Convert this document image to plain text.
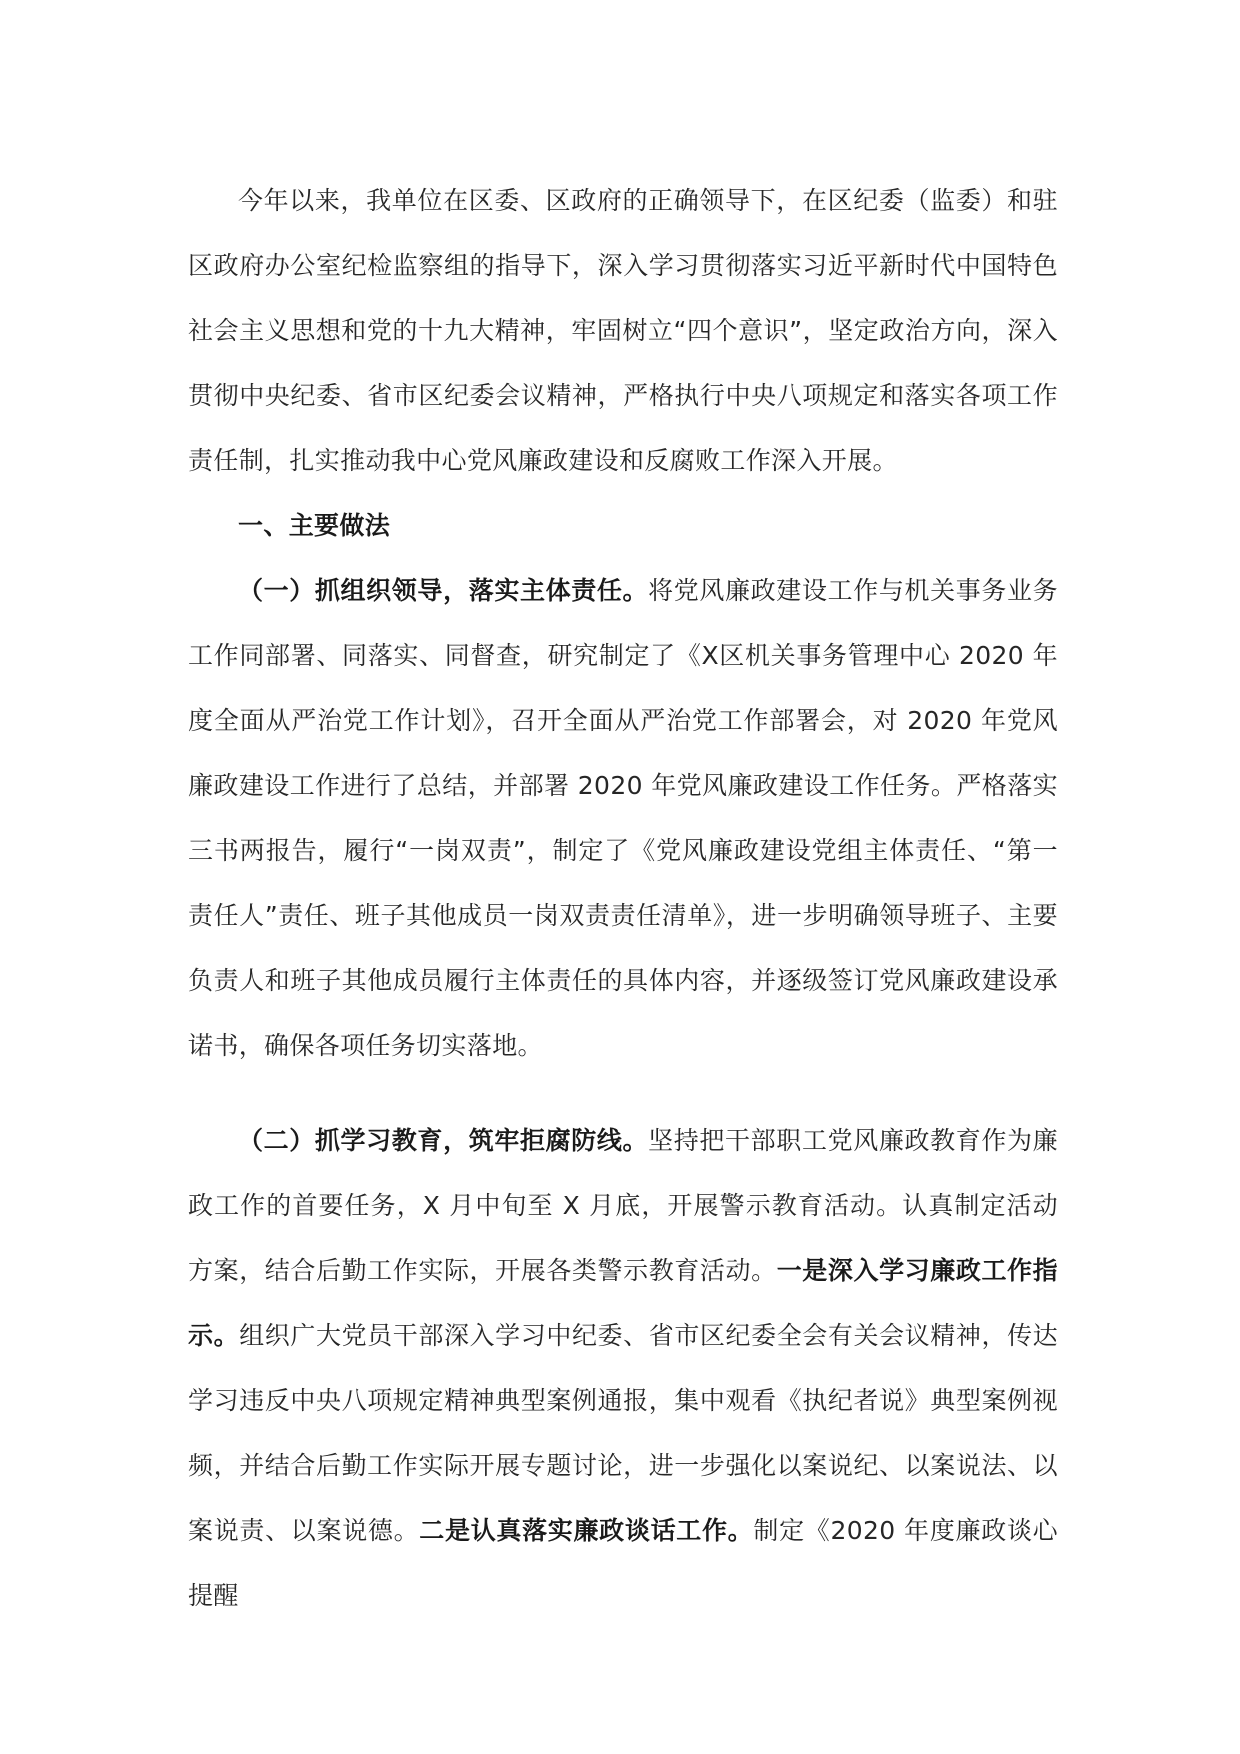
今年以来，我单位在区委、区政府的正确领导下，在区纪委（监委）和驻区政府办公室纪检监察组的指导下，深入学习贯彻落实习近平新时代中国特色社会主义思想和党的十九大精神，牢固树立“四个意识”，坚定政治方向，深入贯彻中央纪委、省市区纪委会议精神，严格执行中央八项规定和落实各项工作责任制，扎实推动我中心党风廉政建设和反腐败工作深入开展。

一、主要做法

（一）抓组织领导，落实主体责任。将党风廉政建设工作与机关事务业务工作同部署、同落实、同督查，研究制定了《X区机关事务管理中心 2020 年度全面从严治党工作计划》，召开全面从严治党工作部署会，对 2020 年党风廉政建设工作进行了总结，并部署 2020 年党风廉政建设工作任务。严格落实三书两报告，履行“一岗双责”，制定了《党风廉政建设党组主体责任、“第一责任人”责任、班子其他成员一岗双责责任清单》，进一步明确领导班子、主要负责人和班子其他成员履行主体责任的具体内容，并逐级签订党风廉政建设承诺书，确保各项任务切实落地。

（二）抓学习教育，筑牢拒腐防线。坚持把干部职工党风廉政教育作为廉政工作的首要任务，X 月中旬至 X 月底，开展警示教育活动。认真制定活动方案，结合后勤工作实际，开展各类警示教育活动。一是深入学习廉政工作指示。组织广大党员干部深入学习中纪委、省市区纪委全会有关会议精神，传达学习违反中央八项规定精神典型案例通报，集中观看《执纪者说》典型案例视频，并结合后勤工作实际开展专题讨论，进一步强化以案说纪、以案说法、以案说责、以案说德。二是认真落实廉政谈话工作。制定《2020 年度廉政谈心提醒
